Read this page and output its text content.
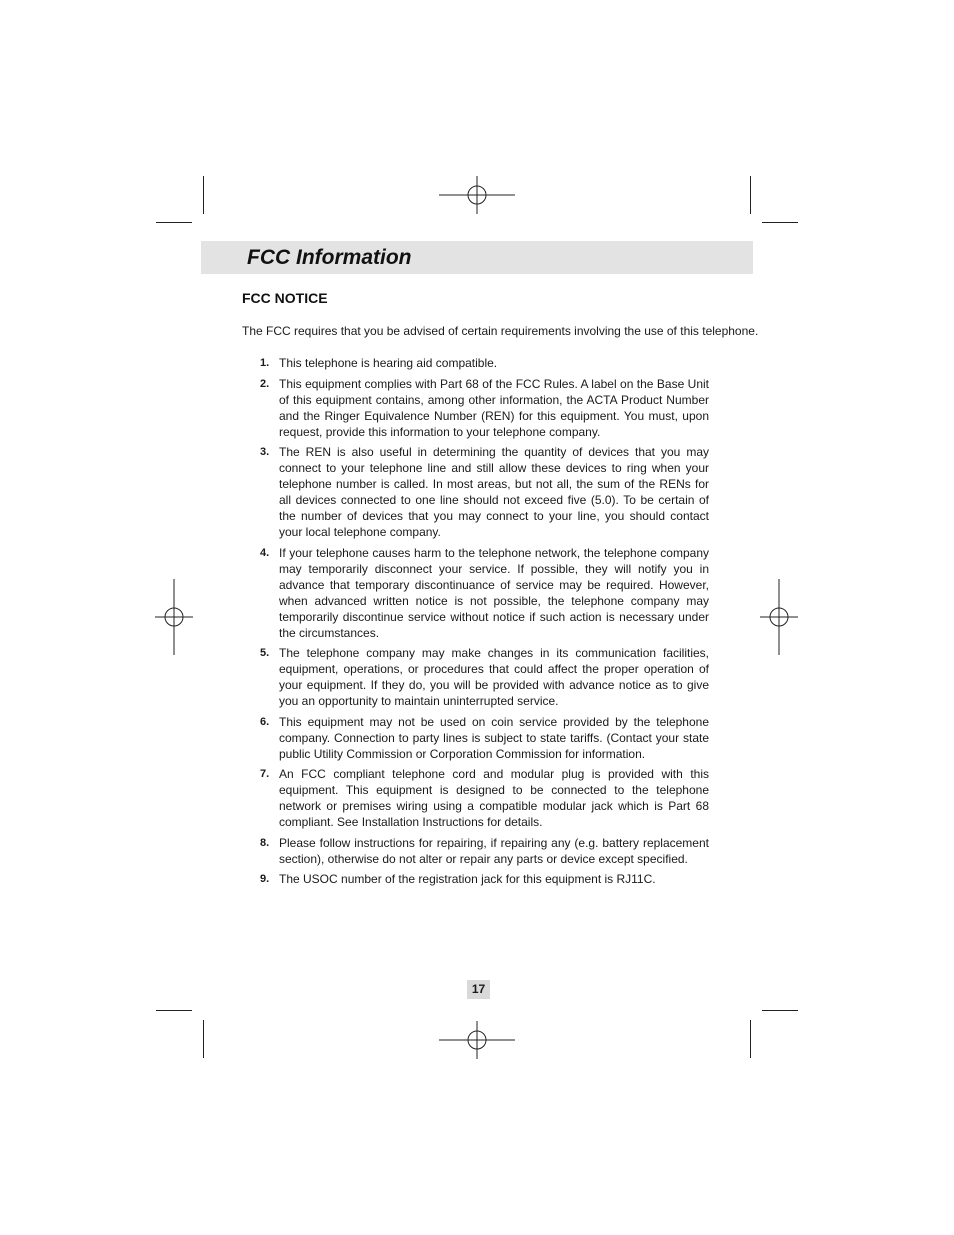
FCC Information
FCC NOTICE

The FCC requires that you be advised of certain requirements involving the use of this telephone.

1. This telephone is hearing aid compatible.
2. This equipment complies with Part 68 of the FCC Rules. A label on the Base Unit of this equipment contains, among other information, the ACTA Product Number and the Ringer Equivalence Number (REN) for this equipment. You must, upon request, provide this information to your telephone company.
3. The REN is also useful in determining the quantity of devices that you may connect to your telephone line and still allow these devices to ring when your telephone number is called. In most areas, but not all, the sum of the RENs for all devices connected to one line should not exceed five (5.0). To be certain of the number of devices that you may connect to your line, you should contact your local telephone company.
4. If your telephone causes harm to the telephone network, the telephone company may temporarily disconnect your service. If possible, they will notify you in advance that temporary discontinuance of service may be required. However, when advanced written notice is not possible, the telephone company may temporarily discontinue service without notice if such action is necessary under the circumstances.
5. The telephone company may make changes in its communication facilities, equipment, operations, or procedures that could affect the proper operation of your equipment. If they do, you will be provided with advance notice as to give you an opportunity to maintain uninterrupted service.
6. This equipment may not be used on coin service provided by the telephone company. Connection to party lines is subject to state tariffs. (Contact your state public Utility Commission or Corporation Commission for information.
7. An FCC compliant telephone cord and modular plug is provided with this equipment. This equipment is designed to be connected to the telephone network or premises wiring using a compatible modular jack which is Part 68 compliant. See Installation Instructions for details.
8. Please follow instructions for repairing, if repairing any (e.g. battery replacement section), otherwise do not alter or repair any parts or device except specified.
9. The USOC number of the registration jack for this equipment is RJ11C.
17
